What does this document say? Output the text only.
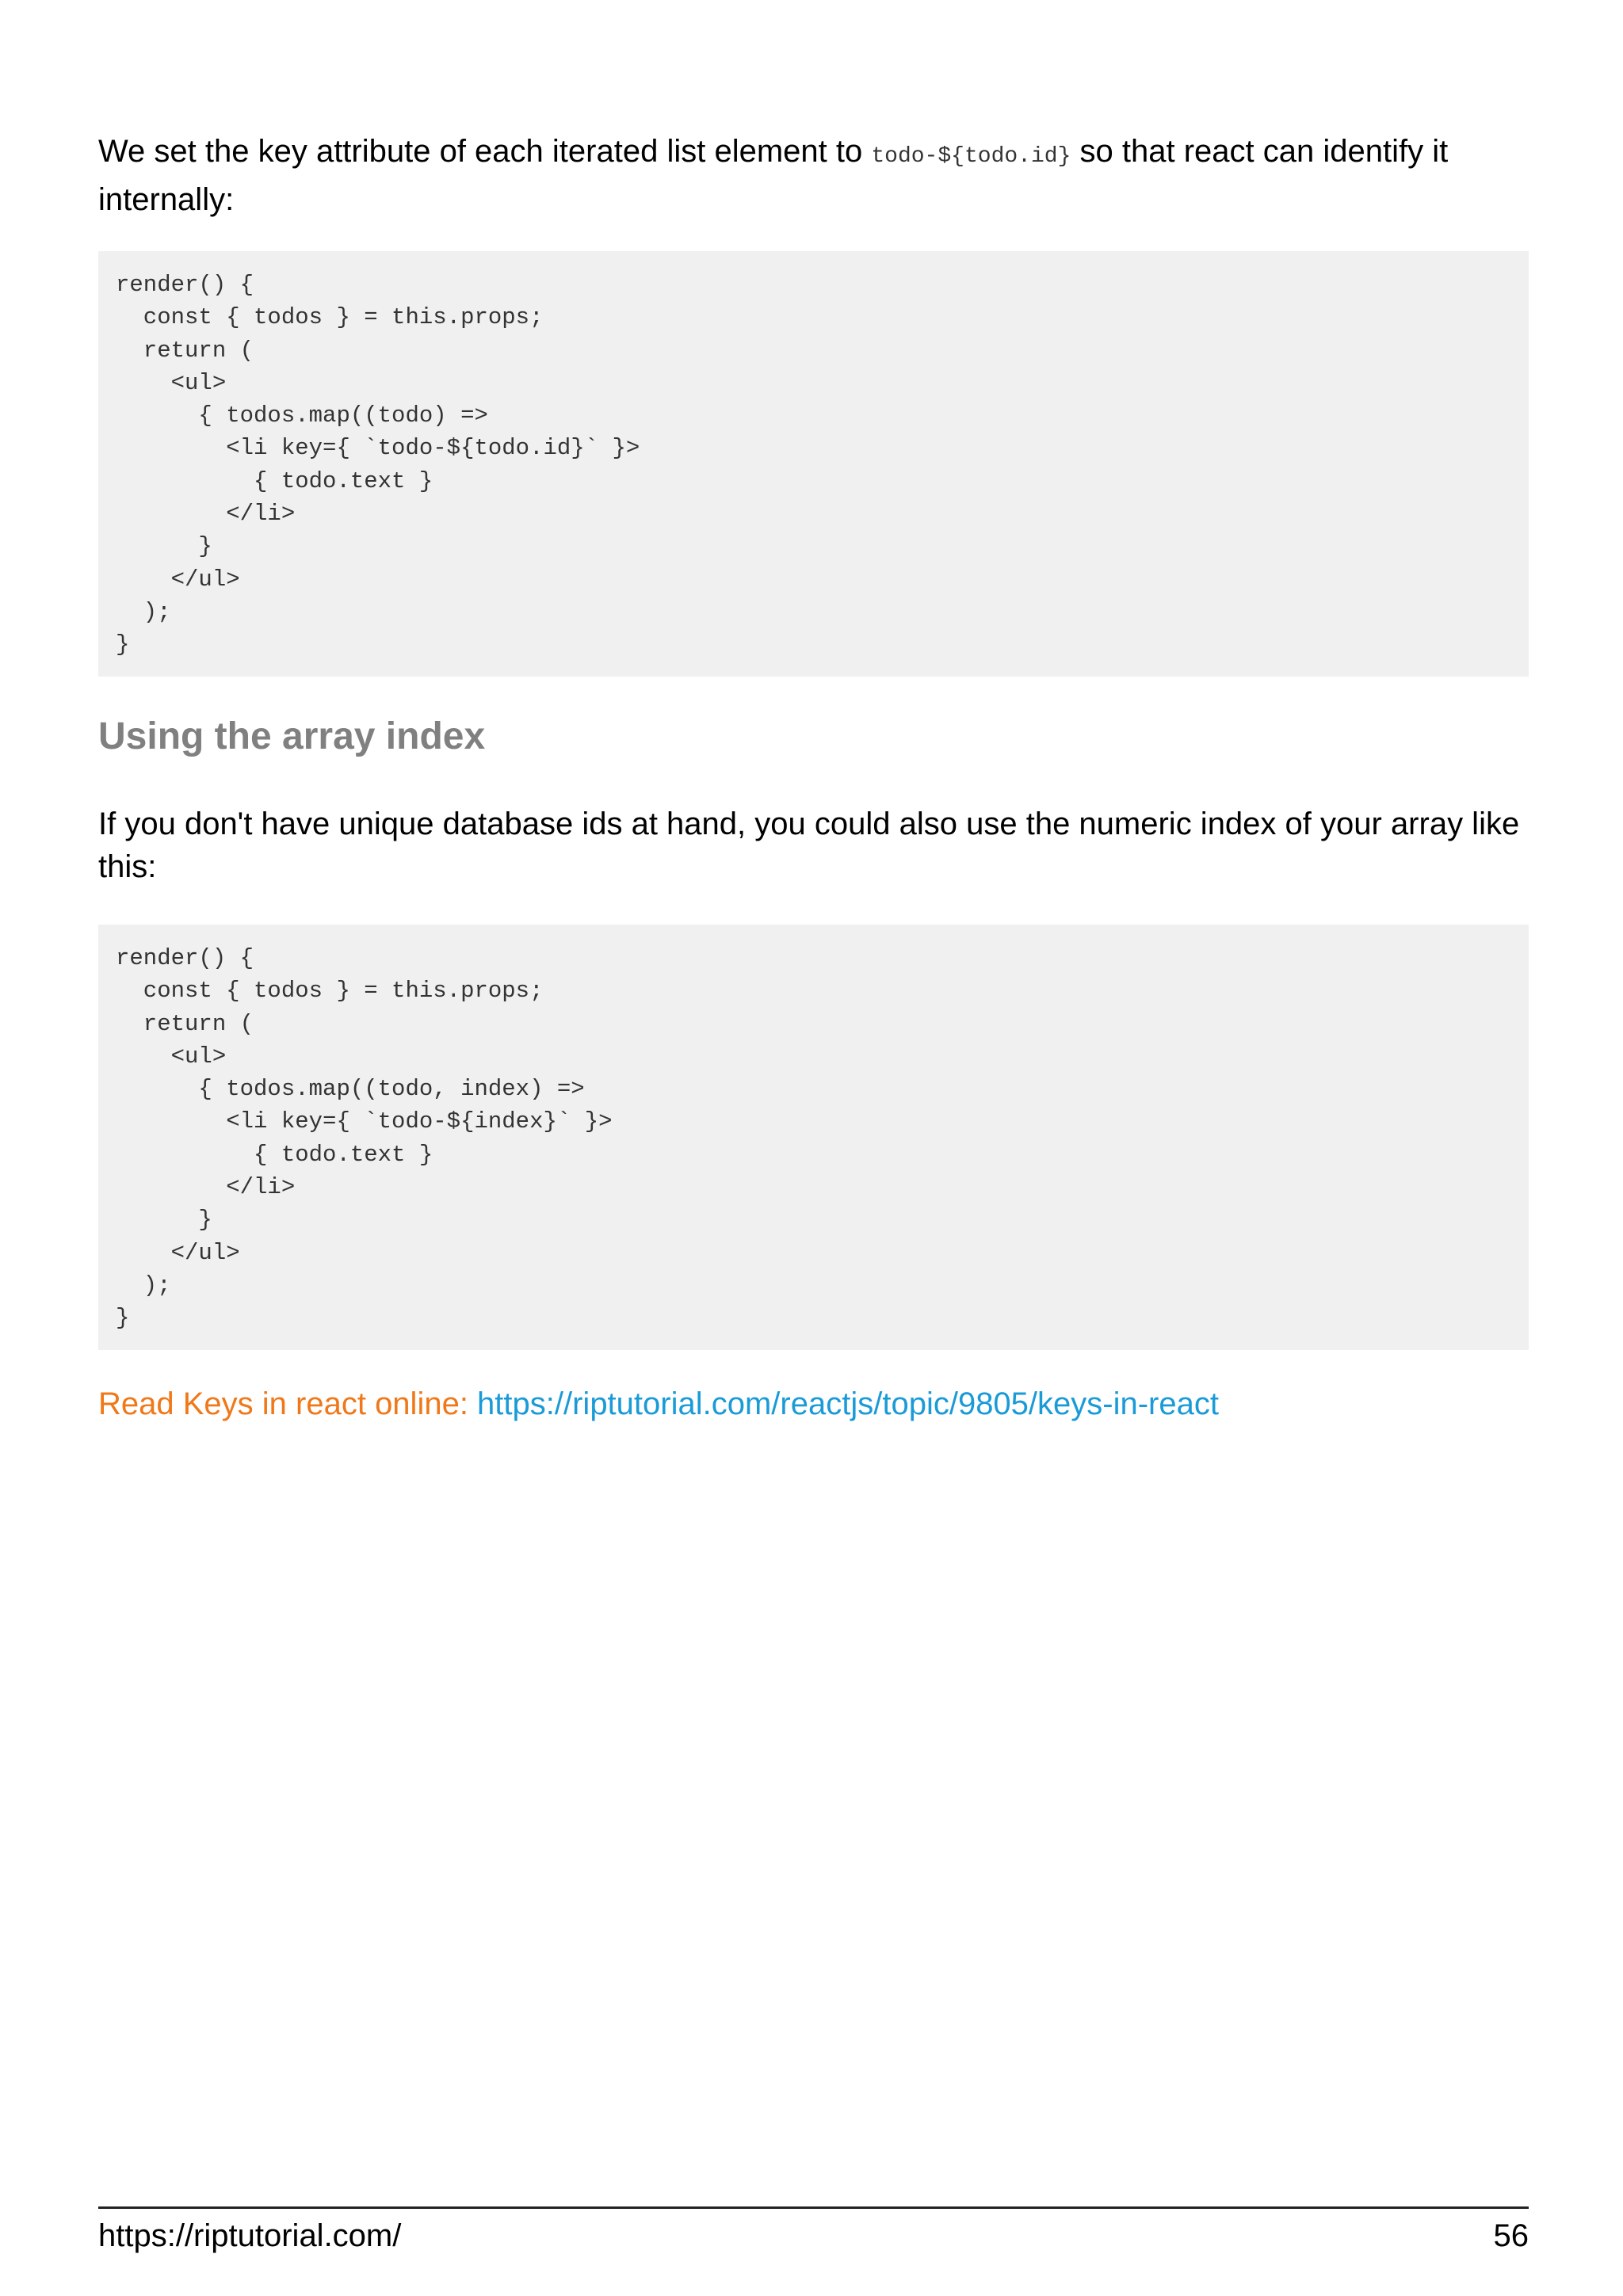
We set the key attribute of each iterated list element to todo-${todo.id} so that react can identify it internally:

render() {
const { todos } = this.props;
return (
<ul>
{ todos.map((todo) =>
<li key={ `todo-${todo.id}` }>
{ todo.text }
</li>
}
</ul>
);
}
Using the array index

If you don't have unique database ids at hand, you could also use the numeric index of your array like this:

render() {
const { todos } = this.props;
return (
<ul>
{ todos.map((todo, index) =>
<li key={ `todo-${index}` }>
{ todo.text }
</li>
}
</ul>
);
}
Read Keys in react online: https://riptutorial.com/reactjs/topic/9805/keys-in-react
https://riptutorial.com/	56
